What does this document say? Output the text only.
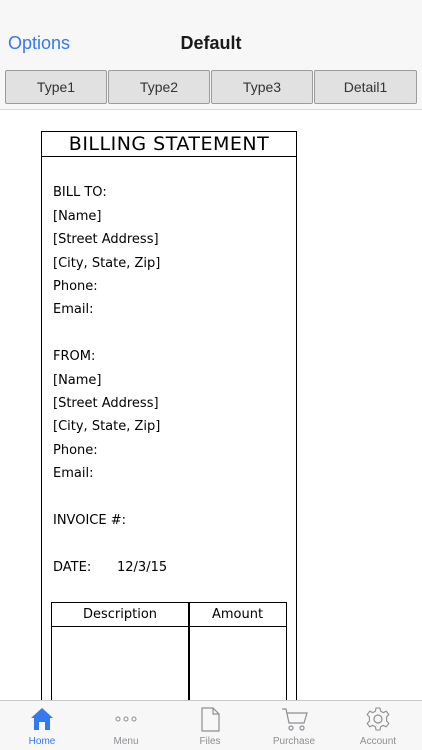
Options	Default
Type1	Type2	Type3	Detail1
BILLING STATEMENT
BILL TO:
[Name]
[Street Address]
[City, State, Zip]
Phone:
Email:
FROM:
[Name]
[Street Address]
[City, State, Zip]
Phone:
Email:
INVOICE #:
DATE: 12/3/15
Description	Amount
Home	Menu	Files	Purchase	Account
